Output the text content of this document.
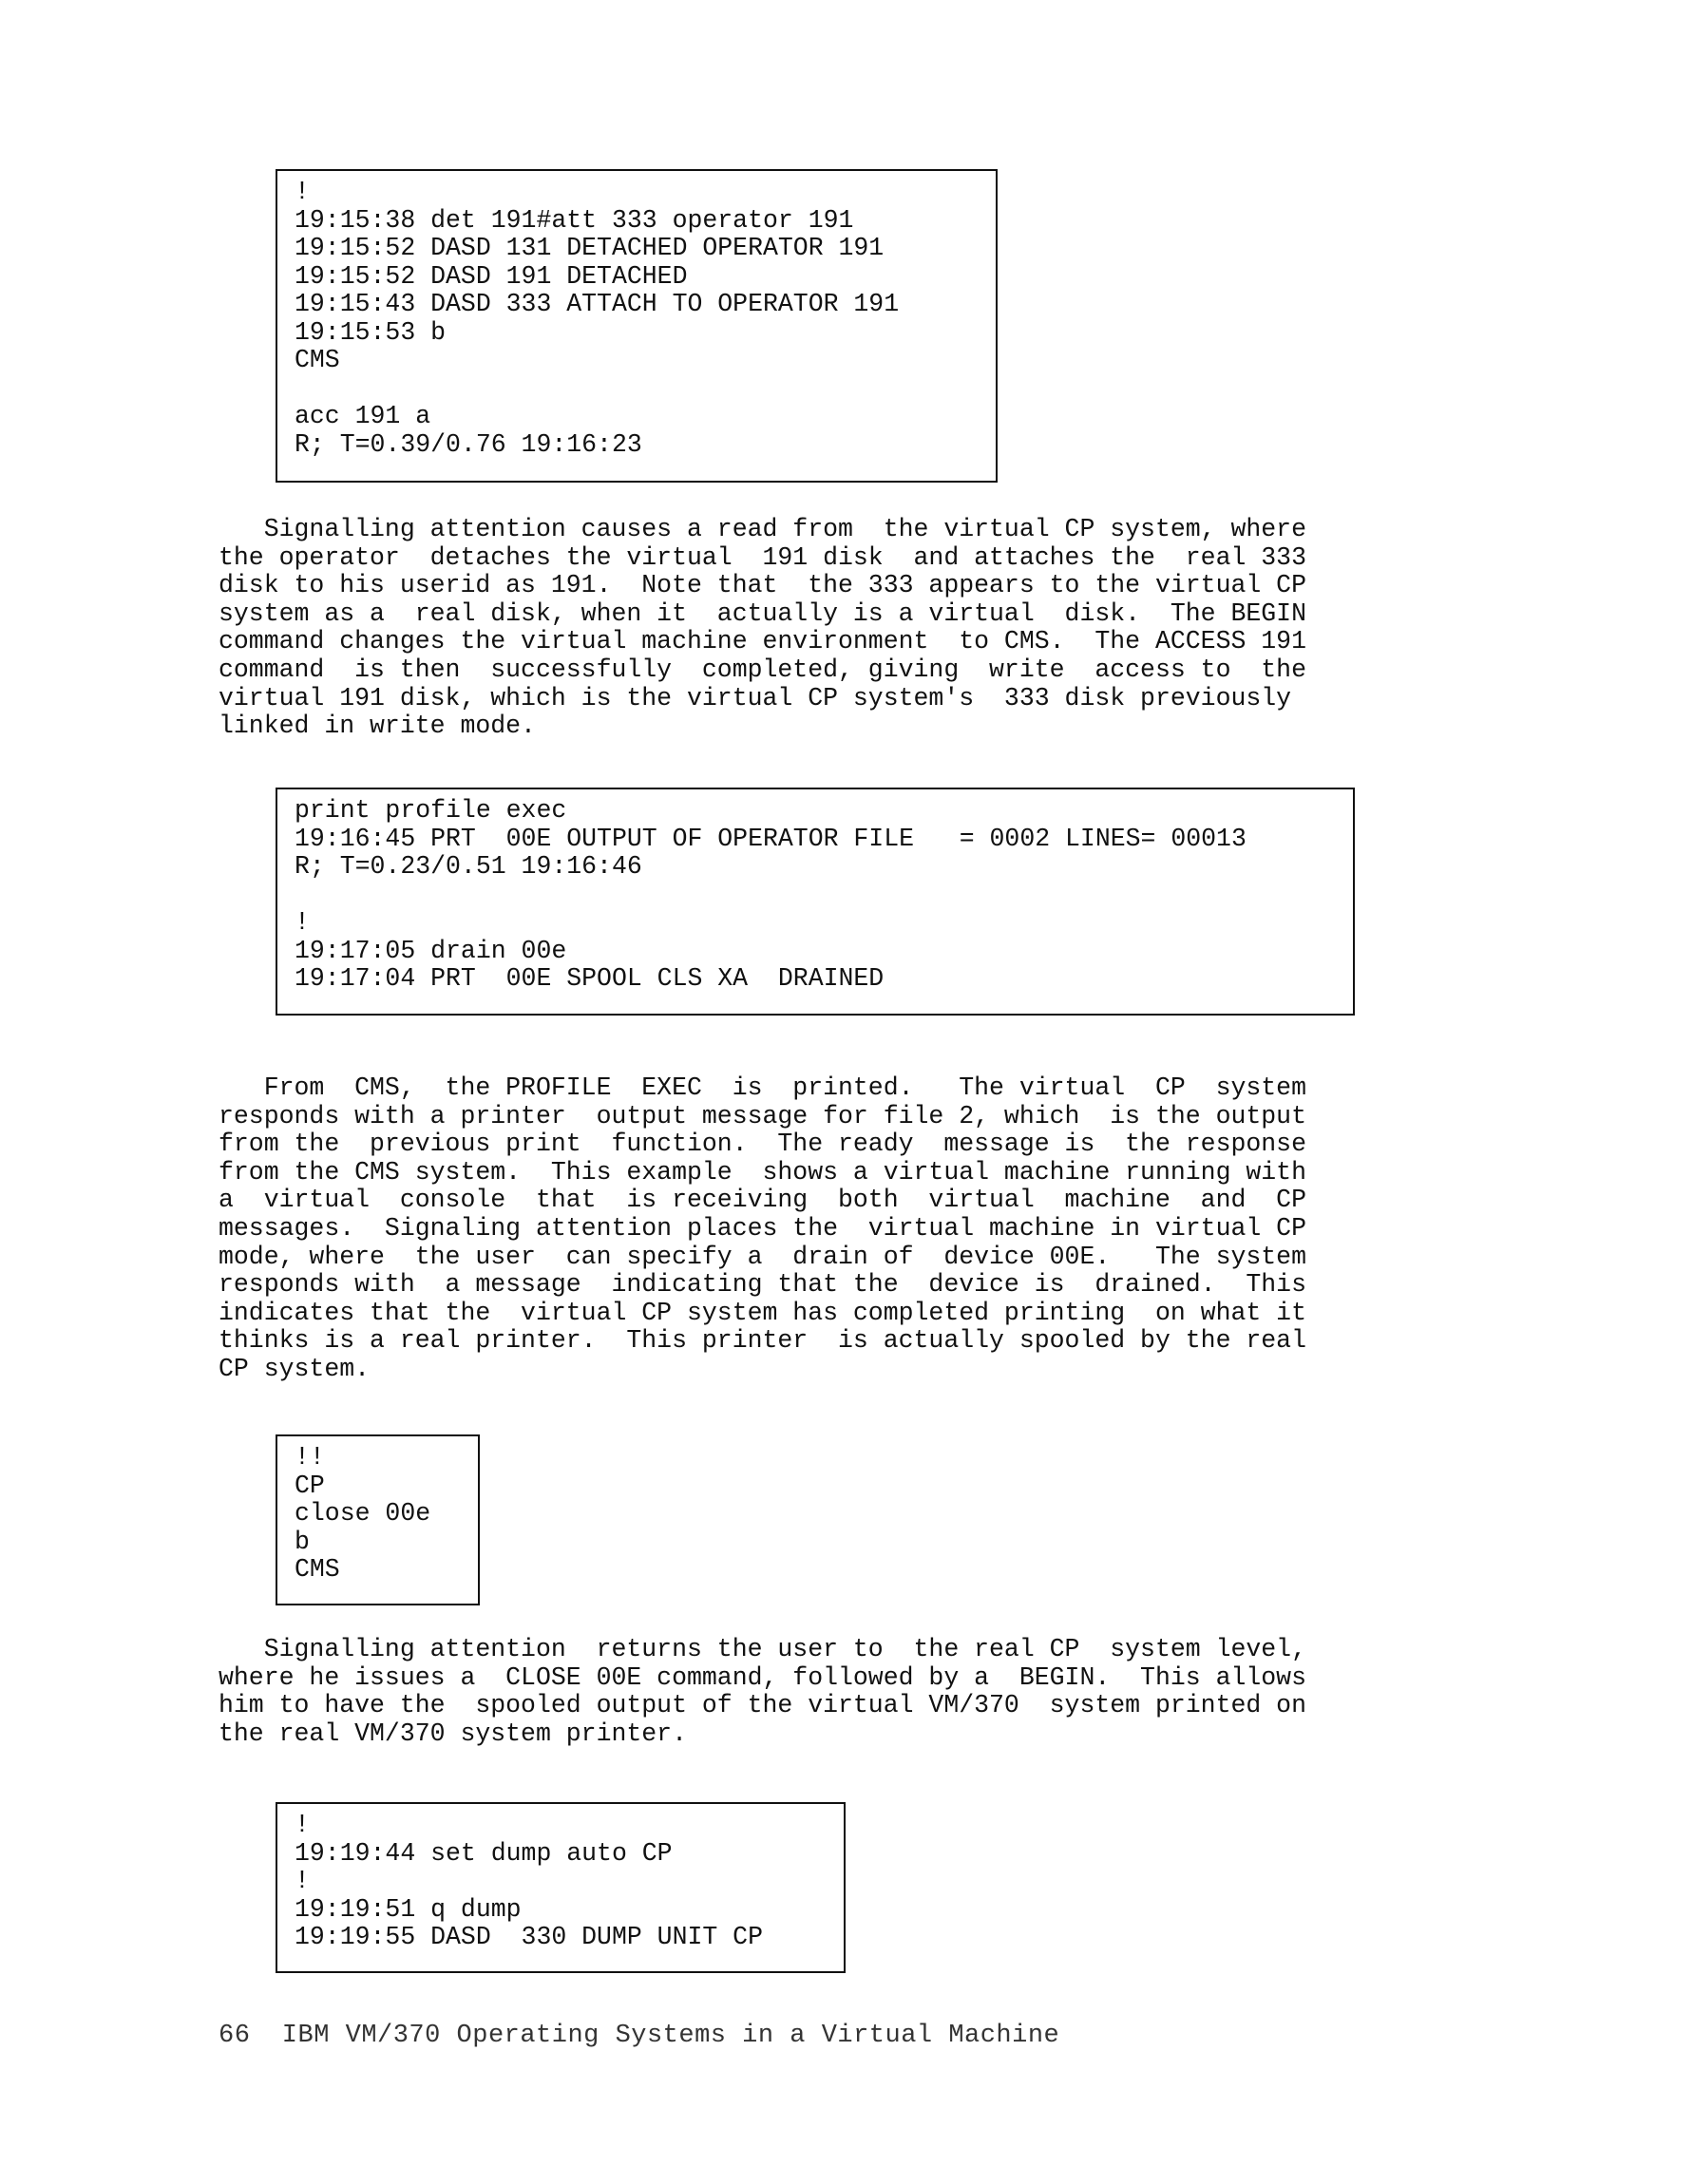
!
19:15:38 det 191#att 333 operator 191
19:15:52 DASD 131 DETACHED OPERATOR 191
19:15:52 DASD 191 DETACHED
19:15:43 DASD 333 ATTACH TO OPERATOR 191
19:15:53 b
CMS
acc 191 a
R; T=0.39/0.76 19:16:23
Signalling attention causes a read from  the virtual CP system, where
the operator  detaches the virtual  191 disk  and attaches the  real 333
disk to his userid as 191.  Note that  the 333 appears to the virtual CP
system as a  real disk, when it  actually is a virtual  disk.  The BEGIN
command changes the virtual machine environment  to CMS.  The ACCESS 191
command  is then  successfully  completed, giving  write  access to  the
virtual 191 disk, which is the virtual CP system's  333 disk previously
linked in write mode.
print profile exec
19:16:45 PRT  00E OUTPUT OF OPERATOR FILE   = 0002 LINES= 00013
R; T=0.23/0.51 19:16:46
!
19:17:05 drain 00e
19:17:04 PRT  00E SPOOL CLS XA  DRAINED
From  CMS,  the PROFILE  EXEC  is  printed.   The virtual  CP  system
responds with a printer  output message for file 2, which  is the output
from the  previous print  function.  The ready  message is  the response
from the CMS system.  This example  shows a virtual machine running with
a  virtual  console  that  is receiving  both  virtual  machine  and  CP
messages.  Signaling attention places the  virtual machine in virtual CP
mode, where  the user  can specify a  drain of  device 00E.   The system
responds with  a message  indicating that the  device is  drained.  This
indicates that the  virtual CP system has completed printing  on what it
thinks is a real printer.  This printer  is actually spooled by the real
CP system.
!!
CP
close 00e
b
CMS
Signalling attention  returns the user to  the real CP  system level,
where he issues a  CLOSE 00E command, followed by a  BEGIN.  This allows
him to have the  spooled output of the virtual VM/370  system printed on
the real VM/370 system printer.
!
19:19:44 set dump auto CP
!
19:19:51 q dump
19:19:55 DASD  330 DUMP UNIT CP
66  IBM VM/370 Operating Systems in a Virtual Machine
